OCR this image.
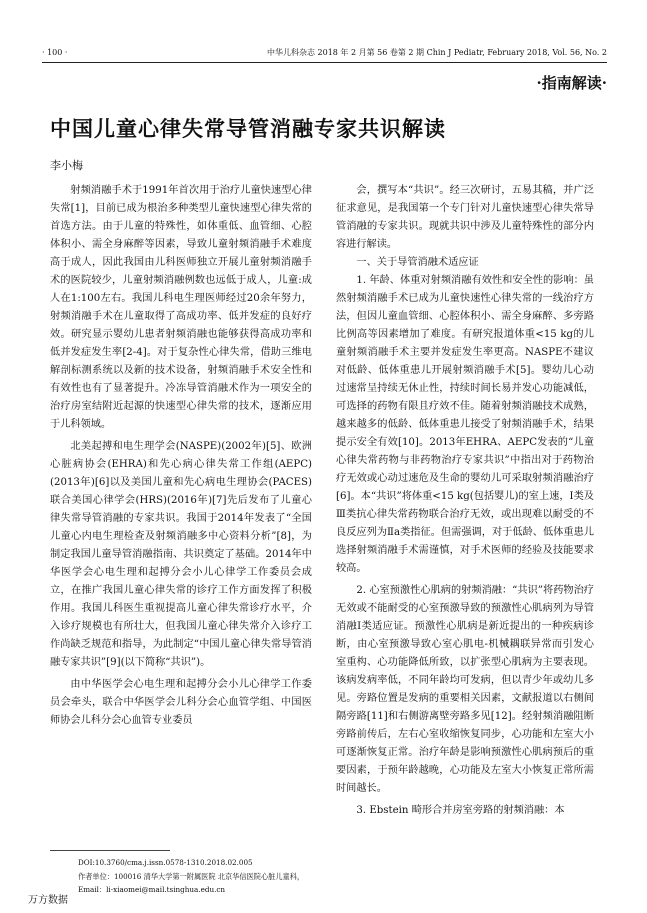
· 100 ·	中华儿科杂志 2018 年 2 月第 56 卷第 2 期 Chin J Pediatr, February 2018, Vol. 56, No. 2
·指南解读·
中国儿童心律失常导管消融专家共识解读
李小梅

射频消融手术于1991年首次用于治疗儿童快速型心律失常[1]，目前已成为根治多种类型儿童快速型心律失常的首选方法。由于儿童的特殊性，如体重低、血管细、心腔体积小、需全身麻醉等因素，导致儿童射频消融手术难度高于成人，因此我国由儿科医师独立开展儿童射频消融手术的医院较少，儿童射频消融例数也远低于成人，儿童:成人在1:100左右。我国儿科电生理医师经过20余年努力，射频消融手术在儿童取得了高成功率、低并发症的良好疗效。研究显示婴幼儿患者射频消融也能够获得高成功率和低并发症发生率[2-4]。对于复杂性心律失常，借助三维电解剖标测系统以及新的技术设备，射频消融手术安全性和有效性也有了显著提升。冷冻导管消融术作为一项安全的治疗房室结附近起源的快速型心律失常的技术，逐渐应用于儿科领域。

北美起搏和电生理学会(NASPE)(2002年)[5]、欧洲心脏病协会(EHRA)和先心病心律失常工作组(AEPC)(2013年)[6]以及美国儿童和先心病电生理协会(PACES)联合美国心律学会(HRS)(2016年)[7]先后发布了儿童心律失常导管消融的专家共识。我国于2014年发表了“全国儿童心内电生理检查及射频消融多中心资料分析”[8]，为制定我国儿童导管消融指南、共识奠定了基础。2014年中华医学会心电生理和起搏分会小儿心律学工作委员会成立，在推广我国儿童心律失常的诊疗工作方面发挥了积极作用。我国儿科医生重视提高儿童心律失常诊疗水平，介入诊疗规模也有所壮大，但我国儿童心律失常介入诊疗工作尚缺乏规范和指导，为此制定“中国儿童心律失常导管消融专家共识”[9](以下简称“共识”)。

由中华医学会心电生理和起搏分会小儿心律学工作委员会牵头，联合中华医学会儿科分会心血管学组、中国医师协会儿科分会心血管专业委员

会，撰写本“共识”。经三次研讨，五易其稿，并广泛征求意见，是我国第一个专门针对儿童快速型心律失常导管消融的专家共识。现就共识中涉及儿童特殊性的部分内容进行解读。

一、关于导管消融术适应证

1. 年龄、体重对射频消融有效性和安全性的影响：虽然射频消融手术已成为儿童快速性心律失常的一线治疗方法，但因儿童血管细、心腔体积小、需全身麻醉、多旁路比例高等因素增加了难度。有研究报道体重<15 kg的儿童射频消融手术主要并发症发生率更高。NASPE不建议对低龄、低体重患儿开展射频消融手术[5]。婴幼儿心动过速常呈持续无休止性，持续时间长易并发心功能减低，可选择的药物有限且疗效不佳。随着射频消融技术成熟，越来越多的低龄、低体重患儿接受了射频消融手术，结果提示安全有效[10]。2013年EHRA、AEPC发表的“儿童心律失常药物与非药物治疗专家共识”中指出对于药物治疗无效或心动过速危及生命的婴幼儿可采取射频消融治疗[6]。本“共识”将体重<15 kg(包括婴儿)的室上速，Ⅰ类及Ⅲ类抗心律失常药物联合治疗无效，或出现难以耐受的不良反应列为Ⅱa类指征。但需强调，对于低龄、低体重患儿选择射频消融手术需谨慎，对手术医师的经验及技能要求较高。

2. 心室预激性心肌病的射频消融：“共识”将药物治疗无效或不能耐受的心室预激导致的预激性心肌病列为导管消融Ⅰ类适应证。预激性心肌病是新近提出的一种疾病诊断，由心室预激导致心室心肌电-机械耦联异常而引发心室重构、心功能降低所致，以扩张型心肌病为主要表现。该病发病率低，不同年龄均可发病，但以青少年或幼儿多见。旁路位置是发病的重要相关因素，文献报道以右侧间隔旁路[11]和右侧游离壁旁路多见[12]。经射频消融阻断旁路前传后，左右心室收缩恢复同步，心功能和左室大小可逐渐恢复正常。治疗年龄是影响预激性心肌病预后的重要因素，于预年龄越晚，心功能及左室大小恢复正常所需时间越长。

3. Ebstein 畸形合并房室旁路的射频消融：本

DOI:10.3760/cma.j.issn.0578-1310.2018.02.005
作者单位：100016 清华大学第一附属医院 北京华信医院心脏儿童科，Email：li-xiaomei@mail.tsinghua.edu.cn
万方数据
